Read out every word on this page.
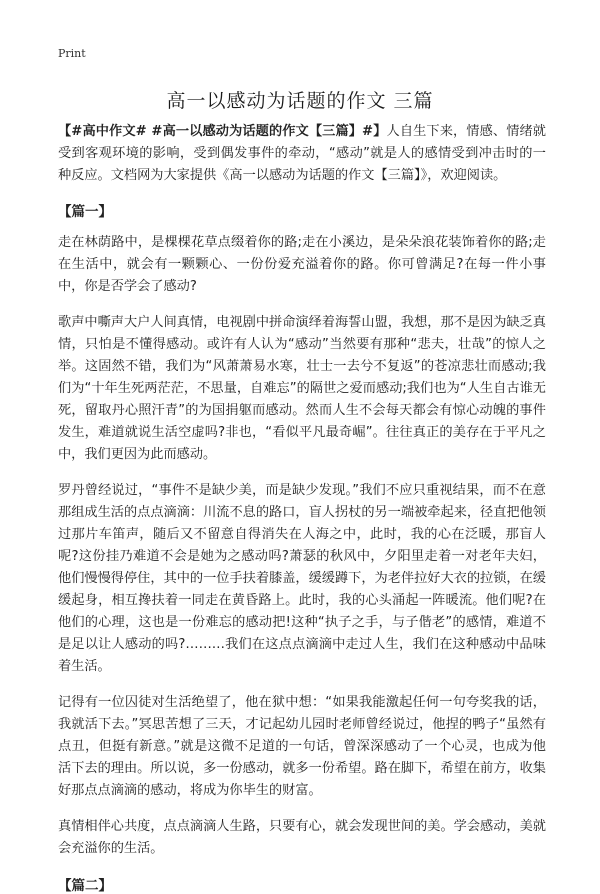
Print
高一以感动为话题的作文 三篇

【#高中作文# #高一以感动为话题的作文【三篇】#】人自生下来，情感、情绪就受到客观环境的影响，受到偶发事件的牵动，“感动”就是人的感情受到冲击时的一种反应。文档网为大家提供《高一以感动为话题的作文【三篇】》，欢迎阅读。

【篇一】

走在林荫路中，是棵棵花草点缀着你的路;走在小溪边，是朵朵浪花装饰着你的路;走在生活中，就会有一颗颗心、一份份爱充溢着你的路。你可曾满足?在每一件小事中，你是否学会了感动?

歌声中嘶声大户人间真情，电视剧中拼命演绎着海誓山盟，我想，那不是因为缺乏真情，只怕是不懂得感动。或许有人认为“感动”当然要有那种“悲夫，壮哉”的惊人之举。这固然不错，我们为“风萧萧易水寒，壮士一去兮不复返”的苍凉悲壮而感动;我们为“十年生死两茫茫，不思量，自难忘”的隔世之爱而感动;我们也为“人生自古谁无死，留取丹心照汗青”的为国捐躯而感动。然而人生不会每天都会有惊心动魄的事件发生，难道就说生活空虚吗?非也，“看似平凡最奇崛”。往往真正的美存在于平凡之中，我们更因为此而感动。

罗丹曾经说过，“事件不是缺少美，而是缺少发现。”我们不应只重视结果，而不在意那组成生活的点点滴滴：川流不息的路口，盲人拐杖的另一端被牵起来，径直把他领过那片车笛声，随后又不留意自得消失在人海之中，此时，我的心在泛暖，那盲人呢?这份挂乃难道不会是她为之感动吗?萧瑟的秋风中，夕阳里走着一对老年夫妇，他们慢慢得停住，其中的一位手扶着膝盖，缓缓蹲下，为老伴拉好大衣的拉锁，在缓缓起身，相互搀扶着一同走在黄昏路上。此时，我的心头涌起一阵暖流。他们呢?在他们的心理，这也是一份难忘的感动把!这种“执子之手，与子偕老”的感情，难道不是足以让人感动的吗?………我们在这点点滴滴中走过人生，我们在这种感动中品味着生活。

记得有一位囚徒对生活绝望了，他在狱中想：“如果我能激起任何一句夸奖我的话，我就活下去。”冥思苦想了三天，才记起幼儿园时老师曾经说过，他捏的鸭子“虽然有点丑，但挺有新意。”就是这微不足道的一句话，曾深深感动了一个心灵，也成为他活下去的理由。所以说，多一份感动，就多一份希望。路在脚下，希望在前方，收集好那点点滴滴的感动，将成为你毕生的财富。

真情相伴心共度，点点滴滴人生路，只要有心，就会发现世间的美。学会感动，美就会充溢你的生活。

【篇二】
